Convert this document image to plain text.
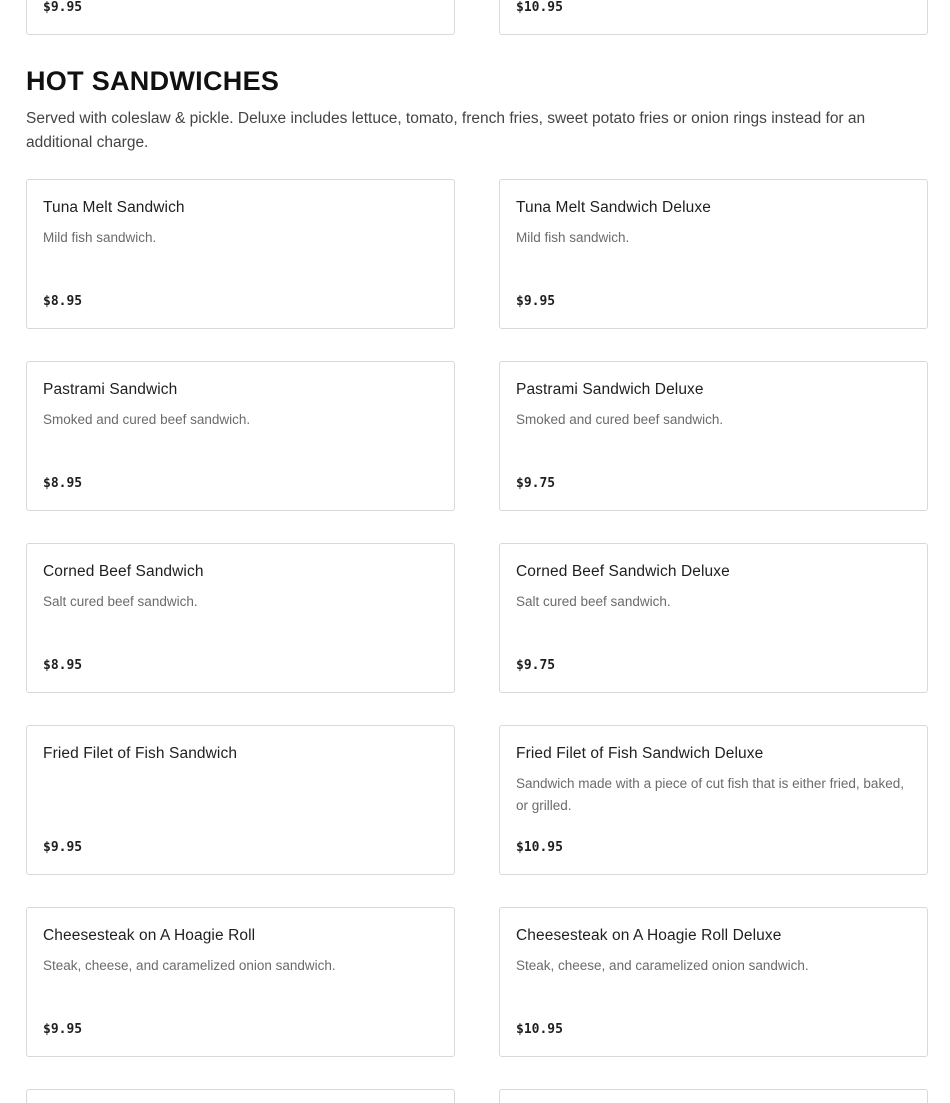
$9.95	$10.95
HOT SANDWICHES

Served with coleslaw & pickle. Deluxe includes lettuce, tomato, french fries, sweet potato fries or onion rings instead for an additional charge.

Tuna Melt Sandwich
Mild fish sandwich.
$8.95
Tuna Melt Sandwich Deluxe
Mild fish sandwich.
$9.95
Pastrami Sandwich
Smoked and cured beef sandwich.
$8.95
Pastrami Sandwich Deluxe
Smoked and cured beef sandwich.
$9.75
Corned Beef Sandwich
Salt cured beef sandwich.
$8.95
Corned Beef Sandwich Deluxe
Salt cured beef sandwich.
$9.75
Fried Filet of Fish Sandwich
$9.95
Fried Filet of Fish Sandwich Deluxe
Sandwich made with a piece of cut fish that is either fried, baked, or grilled.
$10.95
Cheesesteak on A Hoagie Roll
Steak, cheese, and caramelized onion sandwich.
$9.95
Cheesesteak on A Hoagie Roll Deluxe
Steak, cheese, and caramelized onion sandwich.
$10.95
